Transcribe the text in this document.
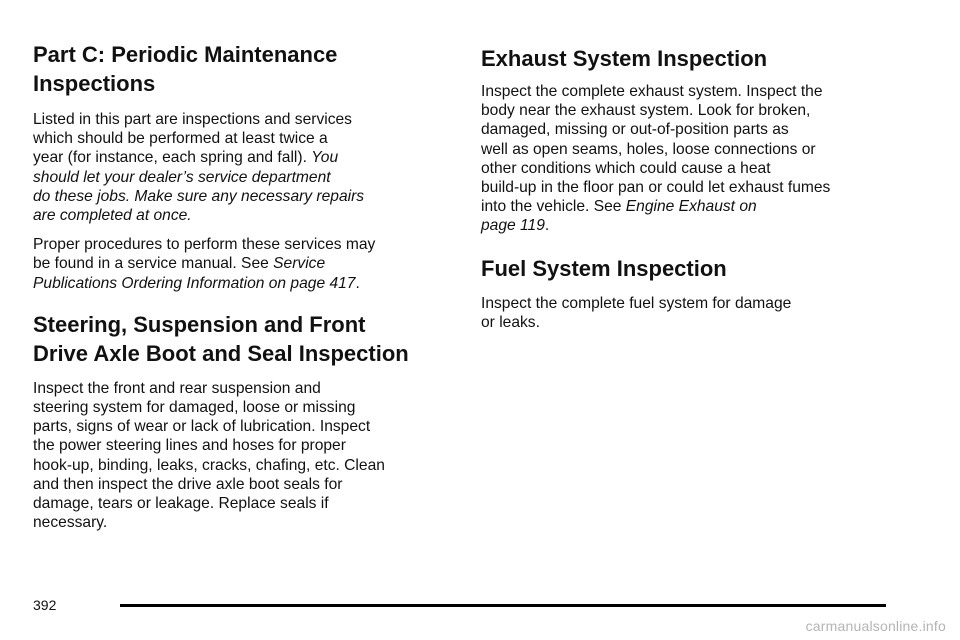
Part C: Periodic Maintenance
Inspections

Listed in this part are inspections and services
which should be performed at least twice a
year (for instance, each spring and fall). You
should let your dealer’s service department
do these jobs. Make sure any necessary repairs
are completed at once.

Proper procedures to perform these services may
be found in a service manual. See Service
Publications Ordering Information on page 417.

Steering, Suspension and Front
Drive Axle Boot and Seal Inspection

Inspect the front and rear suspension and
steering system for damaged, loose or missing
parts, signs of wear or lack of lubrication. Inspect
the power steering lines and hoses for proper
hook-up, binding, leaks, cracks, chafing, etc. Clean
and then inspect the drive axle boot seals for
damage, tears or leakage. Replace seals if
necessary.

Exhaust System Inspection

Inspect the complete exhaust system. Inspect the
body near the exhaust system. Look for broken,
damaged, missing or out-of-position parts as
well as open seams, holes, loose connections or
other conditions which could cause a heat
build-up in the floor pan or could let exhaust fumes
into the vehicle. See Engine Exhaust on
page 119.

Fuel System Inspection

Inspect the complete fuel system for damage
or leaks.

392
carmanualsonline.info
